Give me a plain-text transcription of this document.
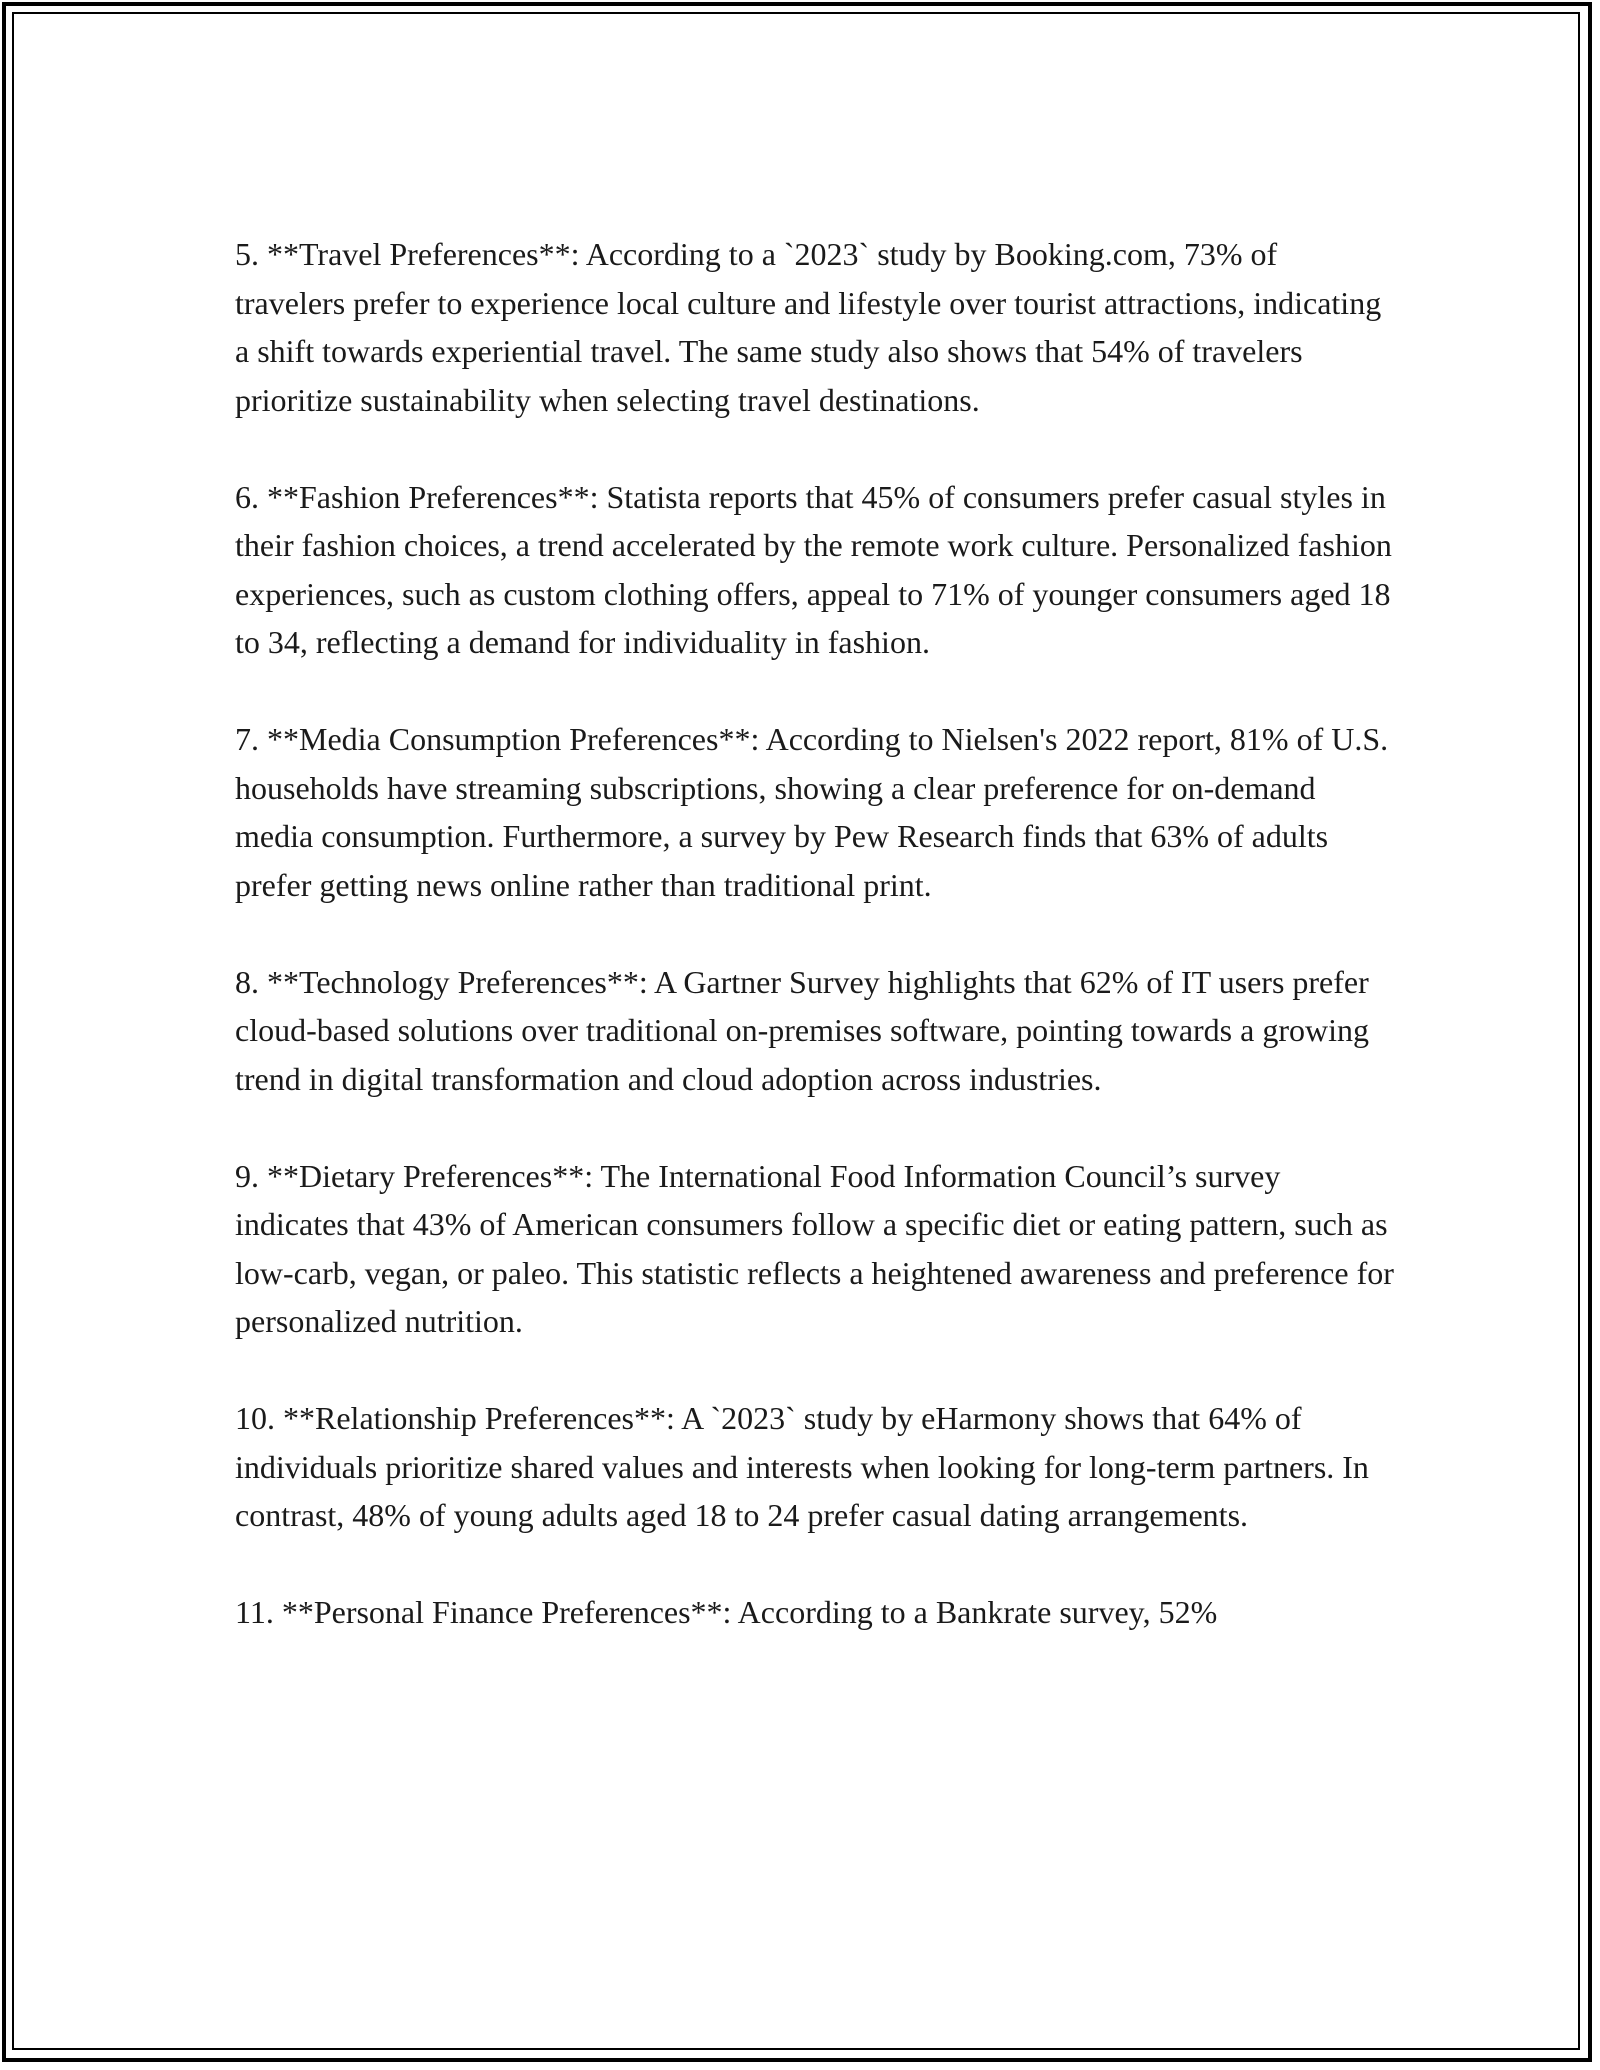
5. **Travel Preferences**: According to a `2023` study by Booking.com, 73% of travelers prefer to experience local culture and lifestyle over tourist attractions, indicating a shift towards experiential travel. The same study also shows that 54% of travelers prioritize sustainability when selecting travel destinations.

6. **Fashion Preferences**: Statista reports that 45% of consumers prefer casual styles in their fashion choices, a trend accelerated by the remote work culture. Personalized fashion experiences, such as custom clothing offers, appeal to 71% of younger consumers aged 18 to 34, reflecting a demand for individuality in fashion.

7. **Media Consumption Preferences**: According to Nielsen's 2022 report, 81% of U.S. households have streaming subscriptions, showing a clear preference for on-demand media consumption. Furthermore, a survey by Pew Research finds that 63% of adults prefer getting news online rather than traditional print.

8. **Technology Preferences**: A Gartner Survey highlights that 62% of IT users prefer cloud-based solutions over traditional on-premises software, pointing towards a growing trend in digital transformation and cloud adoption across industries.

9. **Dietary Preferences**: The International Food Information Council’s survey indicates that 43% of American consumers follow a specific diet or eating pattern, such as low-carb, vegan, or paleo. This statistic reflects a heightened awareness and preference for personalized nutrition.

10. **Relationship Preferences**: A `2023` study by eHarmony shows that 64% of individuals prioritize shared values and interests when looking for long-term partners. In contrast, 48% of young adults aged 18 to 24 prefer casual dating arrangements.

11. **Personal Finance Preferences**: According to a Bankrate survey, 52%
